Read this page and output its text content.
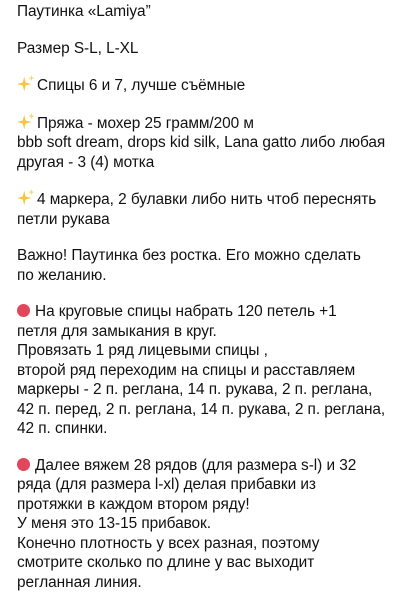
Паутинка «Lamiya”
Размер S-L, L-XL
Спицы 6 и 7, лучше съёмные
Пряжа - мохер 25 грамм/200 м
bbb soft dream, drops kid silk, Lana gatto либо любая
другая - 3 (4) мотка
4 маркера, 2 булавки либо нить чтоб переснять
петли рукава
Важно! Паутинка без ростка. Его можно сделать
по желанию.
На круговые спицы набрать 120 петель +1
петля для замыкания в круг.
Провязать 1 ряд лицевыми спицы ,
второй ряд переходим на спицы и расставляем
маркеры - 2 п. реглана, 14 п. рукава, 2 п. реглана,
42 п. перед, 2 п. реглана, 14 п. рукава, 2 п. реглана,
42 п. спинки.
Далее вяжем 28 рядов (для размера s-l) и 32
ряда (для размера l-xl) делая прибавки из
протяжки в каждом втором ряду!
У меня это 13-15 прибавок.
Конечно плотность у всех разная, поэтому
смотрите сколько по длине у вас выходит
регланная линия.
